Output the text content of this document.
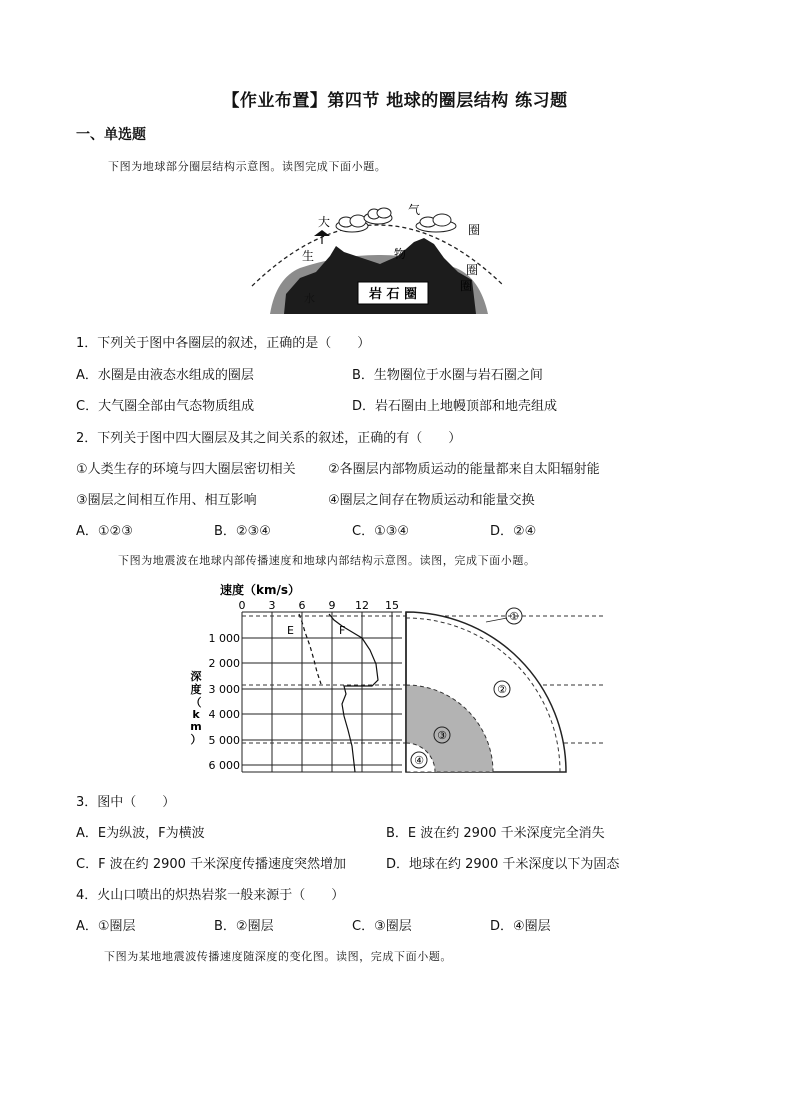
【作业布置】第四节 地球的圈层结构 练习题
一、单选题
下图为地球部分圈层结构示意图。读图完成下面小题。
岩 石 圈
大
气
圈
生	物
圈
圈
水
1．下列关于图中各圈层的叙述，正确的是（　　）
A．水圈是由液态水组成的圈层	B．生物圈位于水圈与岩石圈之间
C．大气圈全部由气态物质组成	D．岩石圈由上地幔顶部和地壳组成
2．下列关于图中四大圈层及其之间关系的叙述，正确的有（　　）
①人类生存的环境与四大圈层密切相关 ②各圈层内部物质运动的能量都来自太阳辐射能
③圈层之间相互作用、相互影响	④圈层之间存在物质运动和能量交换
A．①②③	B．②③④	C．①③④	D．②④
下图为地震波在地球内部传播速度和地球内部结构示意图。读图，完成下面小题。
速度（km/s）
0 3 6 9 12 15
1 000
2 000
3 000
4 000
5 000
6 000
深
度
（
k
m
）
E	F
①
②
③
④
3．图中（　　）
A．E为纵波，F为横波	B．E 波在约 2900 千米深度完全消失
C．F 波在约 2900 千米深度传播速度突然增加	D．地球在约 2900 千米深度以下为固态
4．火山口喷出的炽热岩浆一般来源于（　　）
A．①圈层	B．②圈层	C．③圈层	D．④圈层
下图为某地地震波传播速度随深度的变化图。读图，完成下面小题。
